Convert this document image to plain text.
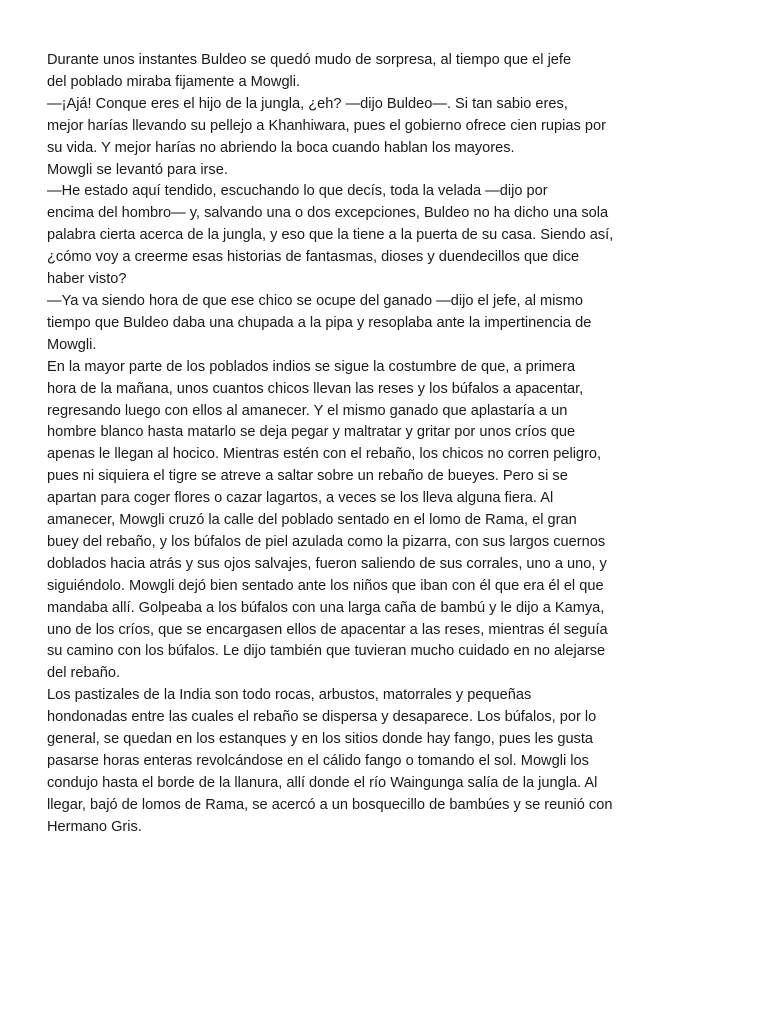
Durante unos instantes Buldeo se quedó mudo de sorpresa, al tiempo que el jefe
del poblado miraba fijamente a Mowgli.
—¡Ajá! Conque eres el hijo de la jungla, ¿eh? —dijo Buldeo—. Si tan sabio eres,
mejor harías llevando su pellejo a Khanhiwara, pues el gobierno ofrece cien rupias por
su vida. Y mejor harías no abriendo la boca cuando hablan los mayores.
Mowgli se levantó para irse.
—He estado aquí tendido, escuchando lo que decís, toda la velada —dijo por
encima del hombro— y, salvando una o dos excepciones, Buldeo no ha dicho una sola
palabra cierta acerca de la jungla, y eso que la tiene a la puerta de su casa. Siendo así,
¿cómo voy a creerme esas historias de fantasmas, dioses y duendecillos que dice
haber visto?
—Ya va siendo hora de que ese chico se ocupe del ganado —dijo el jefe, al mismo
tiempo que Buldeo daba una chupada a la pipa y resoplaba ante la impertinencia de
Mowgli.
En la mayor parte de los poblados indios se sigue la costumbre de que, a primera
hora de la mañana, unos cuantos chicos llevan las reses y los búfalos a apacentar,
regresando luego con ellos al amanecer. Y el mismo ganado que aplastaría a un
hombre blanco hasta matarlo se deja pegar y maltratar y gritar por unos críos que
apenas le llegan al hocico. Mientras estén con el rebaño, los chicos no corren peligro,
pues ni siquiera el tigre se atreve a saltar sobre un rebaño de bueyes. Pero si se
apartan para coger flores o cazar lagartos, a veces se los lleva alguna fiera. Al
amanecer, Mowgli cruzó la calle del poblado sentado en el lomo de Rama, el gran
buey del rebaño, y los búfalos de piel azulada como la pizarra, con sus largos cuernos
doblados hacia atrás y sus ojos salvajes, fueron saliendo de sus corrales, uno a uno, y
siguiéndolo. Mowgli dejó bien sentado ante los niños que iban con él que era él el que
mandaba allí. Golpeaba a los búfalos con una larga caña de bambú y le dijo a Kamya,
uno de los críos, que se encargasen ellos de apacentar a las reses, mientras él seguía
su camino con los búfalos. Le dijo también que tuvieran mucho cuidado en no alejarse
del rebaño.
Los pastizales de la India son todo rocas, arbustos, matorrales y pequeñas
hondonadas entre las cuales el rebaño se dispersa y desaparece. Los búfalos, por lo
general, se quedan en los estanques y en los sitios donde hay fango, pues les gusta
pasarse horas enteras revolcándose en el cálido fango o tomando el sol. Mowgli los
condujo hasta el borde de la llanura, allí donde el río Waingunga salía de la jungla. Al
llegar, bajó de lomos de Rama, se acercó a un bosquecillo de bambúes y se reunió con
Hermano Gris.
